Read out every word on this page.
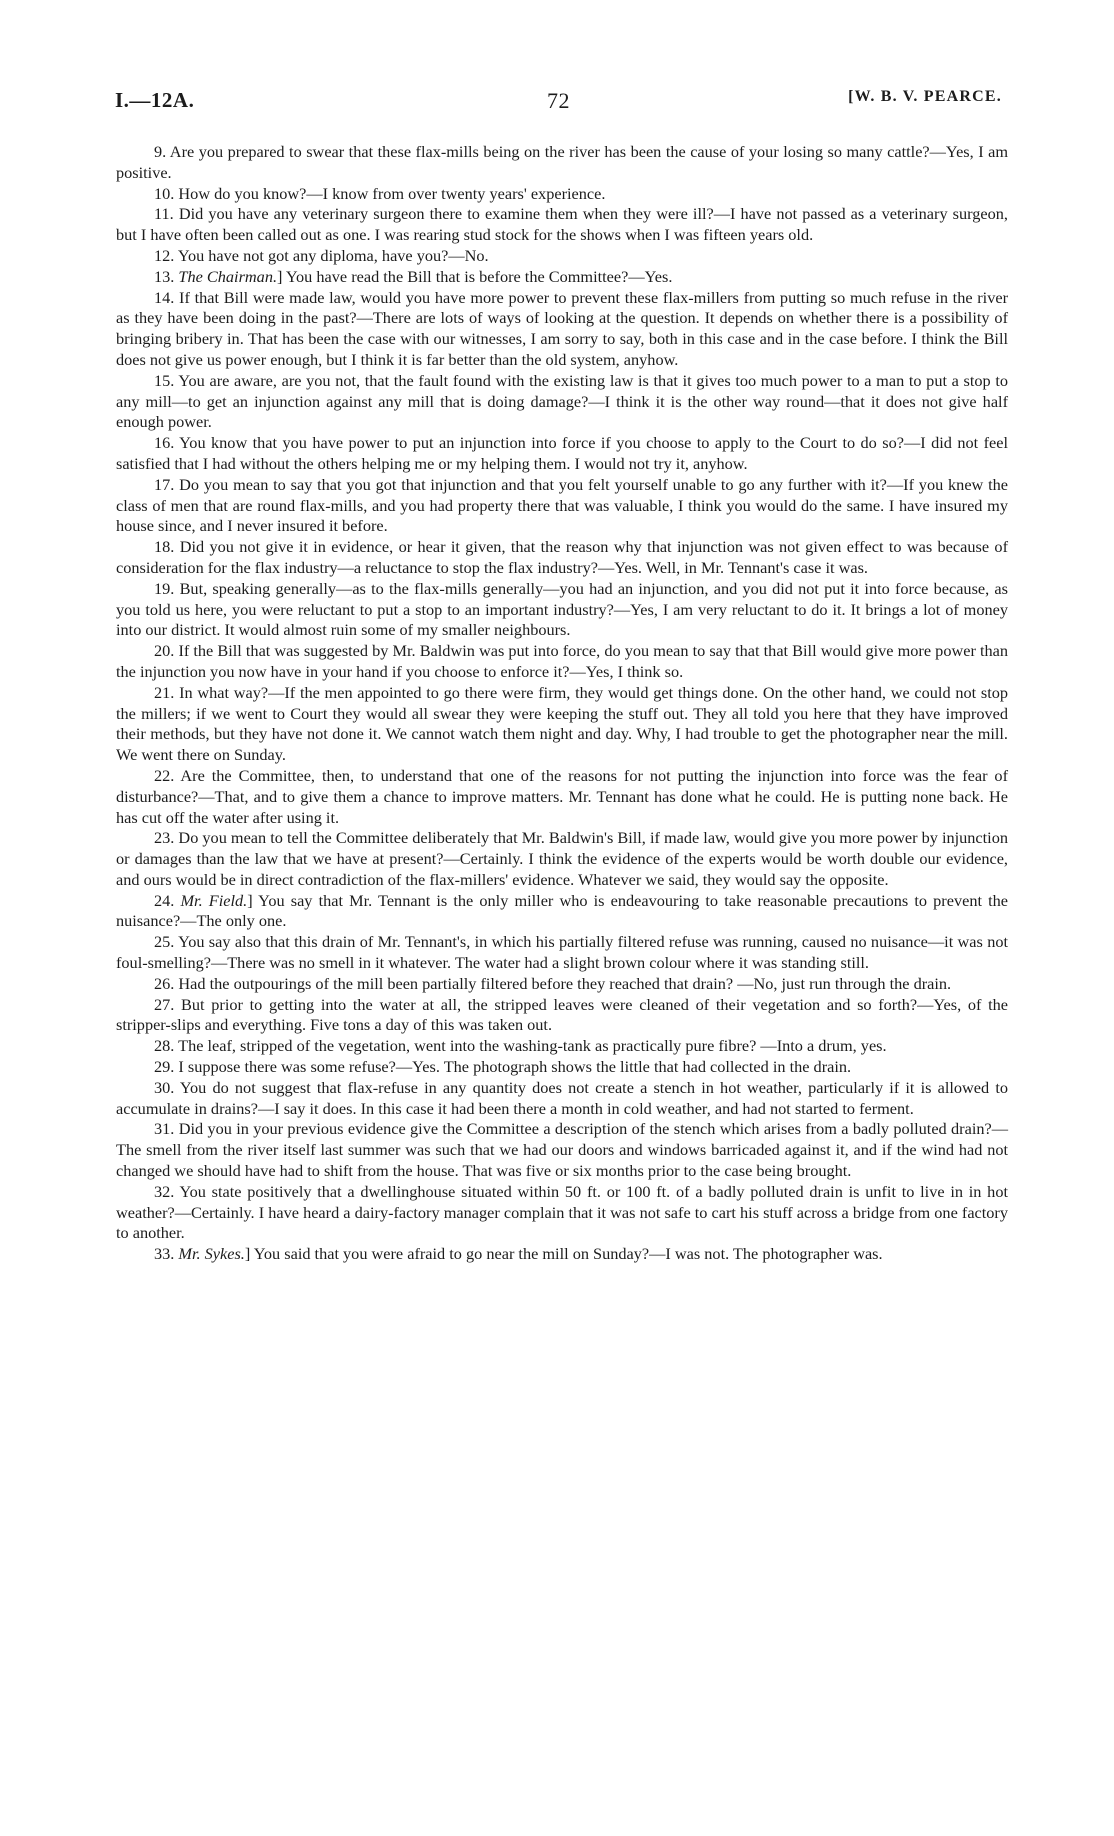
I.—12A.	72	[W. B. V. PEARCE.

9. Are you prepared to swear that these flax-mills being on the river has been the cause of your losing so many cattle?—Yes, I am positive.

10. How do you know?—I know from over twenty years' experience.

11. Did you have any veterinary surgeon there to examine them when they were ill?—I have not passed as a veterinary surgeon, but I have often been called out as one. I was rearing stud stock for the shows when I was fifteen years old.

12. You have not got any diploma, have you?—No.

13. The Chairman.] You have read the Bill that is before the Committee?—Yes.

14. If that Bill were made law, would you have more power to prevent these flax-millers from putting so much refuse in the river as they have been doing in the past?—There are lots of ways of looking at the question. It depends on whether there is a possibility of bringing bribery in. That has been the case with our witnesses, I am sorry to say, both in this case and in the case before. I think the Bill does not give us power enough, but I think it is far better than the old system, anyhow.

15. You are aware, are you not, that the fault found with the existing law is that it gives too much power to a man to put a stop to any mill—to get an injunction against any mill that is doing damage?—I think it is the other way round—that it does not give half enough power.

16. You know that you have power to put an injunction into force if you choose to apply to the Court to do so?—I did not feel satisfied that I had without the others helping me or my helping them. I would not try it, anyhow.

17. Do you mean to say that you got that injunction and that you felt yourself unable to go any further with it?—If you knew the class of men that are round flax-mills, and you had property there that was valuable, I think you would do the same. I have insured my house since, and I never insured it before.

18. Did you not give it in evidence, or hear it given, that the reason why that injunction was not given effect to was because of consideration for the flax industry—a reluctance to stop the flax industry?—Yes. Well, in Mr. Tennant's case it was.

19. But, speaking generally—as to the flax-mills generally—you had an injunction, and you did not put it into force because, as you told us here, you were reluctant to put a stop to an important industry?—Yes, I am very reluctant to do it. It brings a lot of money into our district. It would almost ruin some of my smaller neighbours.

20. If the Bill that was suggested by Mr. Baldwin was put into force, do you mean to say that that Bill would give more power than the injunction you now have in your hand if you choose to enforce it?—Yes, I think so.

21. In what way?—If the men appointed to go there were firm, they would get things done. On the other hand, we could not stop the millers; if we went to Court they would all swear they were keeping the stuff out. They all told you here that they have improved their methods, but they have not done it. We cannot watch them night and day. Why, I had trouble to get the photographer near the mill. We went there on Sunday.

22. Are the Committee, then, to understand that one of the reasons for not putting the injunction into force was the fear of disturbance?—That, and to give them a chance to improve matters. Mr. Tennant has done what he could. He is putting none back. He has cut off the water after using it.

23. Do you mean to tell the Committee deliberately that Mr. Baldwin's Bill, if made law, would give you more power by injunction or damages than the law that we have at present?—Certainly. I think the evidence of the experts would be worth double our evidence, and ours would be in direct contradiction of the flax-millers' evidence. Whatever we said, they would say the opposite.

24. Mr. Field.] You say that Mr. Tennant is the only miller who is endeavouring to take reasonable precautions to prevent the nuisance?—The only one.

25. You say also that this drain of Mr. Tennant's, in which his partially filtered refuse was running, caused no nuisance—it was not foul-smelling?—There was no smell in it whatever. The water had a slight brown colour where it was standing still.

26. Had the outpourings of the mill been partially filtered before they reached that drain? —No, just run through the drain.

27. But prior to getting into the water at all, the stripped leaves were cleaned of their vegetation and so forth?—Yes, of the stripper-slips and everything. Five tons a day of this was taken out.

28. The leaf, stripped of the vegetation, went into the washing-tank as practically pure fibre? —Into a drum, yes.

29. I suppose there was some refuse?—Yes. The photograph shows the little that had collected in the drain.

30. You do not suggest that flax-refuse in any quantity does not create a stench in hot weather, particularly if it is allowed to accumulate in drains?—I say it does. In this case it had been there a month in cold weather, and had not started to ferment.

31. Did you in your previous evidence give the Committee a description of the stench which arises from a badly polluted drain?—The smell from the river itself last summer was such that we had our doors and windows barricaded against it, and if the wind had not changed we should have had to shift from the house. That was five or six months prior to the case being brought.

32. You state positively that a dwellinghouse situated within 50 ft. or 100 ft. of a badly polluted drain is unfit to live in in hot weather?—Certainly. I have heard a dairy-factory manager complain that it was not safe to cart his stuff across a bridge from one factory to another.

33. Mr. Sykes.] You said that you were afraid to go near the mill on Sunday?—I was not. The photographer was.
